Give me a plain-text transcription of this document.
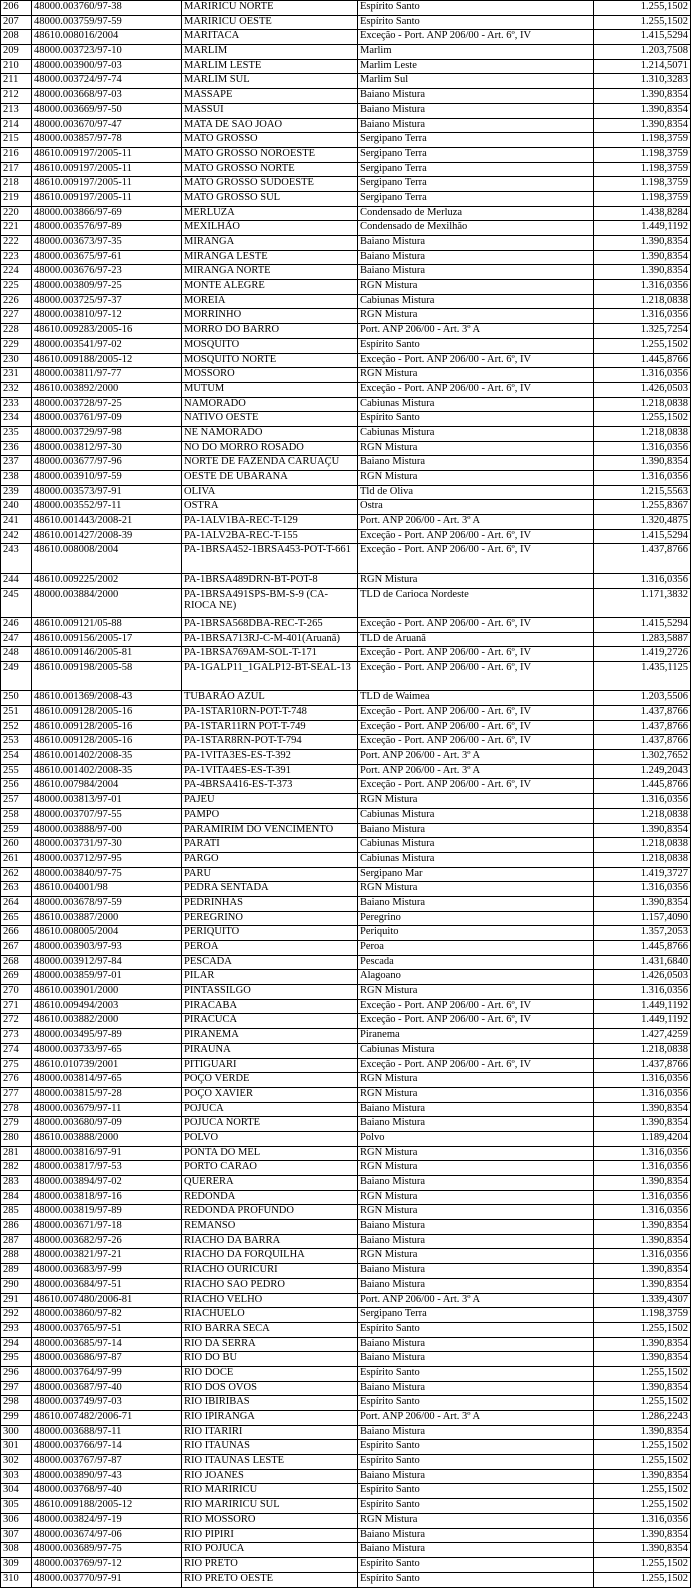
206	48000.003760/97-38	MARIRICU NORTE	Espírito Santo	1.255,1502
207	48000.003759/97-59	MARIRICU OESTE	Espírito Santo	1.255,1502
208	48610.008016/2004	MARITACA	Exceção - Port. ANP 206/00 - Art. 6º, IV	1.415,5294
209	48000.003723/97-10	MARLIM	Marlim	1.203,7508
210	48000.003900/97-03	MARLIM LESTE	Marlim Leste	1.214,5071
211	48000.003724/97-74	MARLIM SUL	Marlim Sul	1.310,3283
212	48000.003668/97-03	MASSAPE	Baiano Mistura	1.390,8354
213	48000.003669/97-50	MASSUI	Baiano Mistura	1.390,8354
214	48000.003670/97-47	MATA DE SAO JOAO	Baiano Mistura	1.390,8354
215	48000.003857/97-78	MATO GROSSO	Sergipano Terra	1.198,3759
216	48610.009197/2005-11	MATO GROSSO NOROESTE	Sergipano Terra	1.198,3759
217	48610.009197/2005-11	MATO GROSSO NORTE	Sergipano Terra	1.198,3759
218	48610.009197/2005-11	MATO GROSSO SUDOESTE	Sergipano Terra	1.198,3759
219	48610.009197/2005-11	MATO GROSSO SUL	Sergipano Terra	1.198,3759
220	48000.003866/97-69	MERLUZA	Condensado de Merluza	1.438,8284
221	48000.003576/97-89	MEXILHÃO	Condensado de Mexilhão	1.449,1192
222	48000.003673/97-35	MIRANGA	Baiano Mistura	1.390,8354
223	48000.003675/97-61	MIRANGA LESTE	Baiano Mistura	1.390,8354
224	48000.003676/97-23	MIRANGA NORTE	Baiano Mistura	1.390,8354
225	48000.003809/97-25	MONTE ALEGRE	RGN Mistura	1.316,0356
226	48000.003725/97-37	MOREIA	Cabiunas Mistura	1.218,0838
227	48000.003810/97-12	MORRINHO	RGN Mistura	1.316,0356
228	48610.009283/2005-16	MORRO DO BARRO	Port. ANP 206/00 - Art. 3º A	1.325,7254
229	48000.003541/97-02	MOSQUITO	Espírito Santo	1.255,1502
230	48610.009188/2005-12	MOSQUITO NORTE	Exceção - Port. ANP 206/00 - Art. 6º, IV	1.445,8766
231	48000.003811/97-77	MOSSORO	RGN Mistura	1.316,0356
232	48610.003892/2000	MUTUM	Exceção - Port. ANP 206/00 - Art. 6º, IV	1.426,0503
233	48000.003728/97-25	NAMORADO	Cabiunas Mistura	1.218,0838
234	48000.003761/97-09	NATIVO OESTE	Espírito Santo	1.255,1502
235	48000.003729/97-98	NE NAMORADO	Cabiunas Mistura	1.218,0838
236	48000.003812/97-30	NO DO MORRO ROSADO	RGN Mistura	1.316,0356
237	48000.003677/97-96	NORTE DE FAZENDA CARUAÇU	Baiano Mistura	1.390,8354
238	48000.003910/97-59	OESTE DE UBARANA	RGN Mistura	1.316,0356
239	48000.003573/97-91	OLIVA	Tld de Oliva	1.215,5563
240	48000.003552/97-11	OSTRA	Ostra	1.255,8367
241	48610.001443/2008-21	PA-1ALV1BA-REC-T-129	Port. ANP 206/00 - Art. 3º A	1.320,4875
242	48610.001427/2008-39	PA-1ALV2BA-REC-T-155	Exceção - Port. ANP 206/00 - Art. 6º, IV	1.415,5294
243	48610.008008/2004	PA-1BRSA452-1BRSA453-POT-T-661	Exceção - Port. ANP 206/00 - Art. 6º, IV	1.437,8766
244	48610.009225/2002	PA-1BRSA489DRN-BT-POT-8	RGN Mistura	1.316,0356
245	48000.003884/2000	PA-1BRSA491SPS-BM-S-9 (CA-RIOCA NE)	TLD de Carioca Nordeste	1.171,3832
246	48610.009121/05-88	PA-1BRSA568DBA-REC-T-265	Exceção - Port. ANP 206/00 - Art. 6º, IV	1.415,5294
247	48610.009156/2005-17	PA-1BRSA713RJ-C-M-401(Aruanã)	TLD de Aruanã	1.283,5887
248	48610.009146/2005-81	PA-1BRSA769AM-SOL-T-171	Exceção - Port. ANP 206/00 - Art. 6º, IV	1.419,2726
249	48610.009198/2005-58	PA-1GALP11_1GALP12-BT-SEAL-13	Exceção - Port. ANP 206/00 - Art. 6º, IV	1.435,1125
250	48610.001369/2008-43	TUBARÃO AZUL	TLD de Waimea	1.203,5506
251	48610.009128/2005-16	PA-1STAR10RN-POT-T-748	Exceção - Port. ANP 206/00 - Art. 6º, IV	1.437,8766
252	48610.009128/2005-16	PA-1STAR11RN POT-T-749	Exceção - Port. ANP 206/00 - Art. 6º, IV	1.437,8766
253	48610.009128/2005-16	PA-1STAR8RN-POT-T-794	Exceção - Port. ANP 206/00 - Art. 6º, IV	1.437,8766
254	48610.001402/2008-35	PA-1VITA3ES-ES-T-392	Port. ANP 206/00 - Art. 3º A	1.302,7652
255	48610.001402/2008-35	PA-1VITA4ES-ES-T-391	Port. ANP 206/00 - Art. 3º A	1.249,2043
256	48610.007984/2004	PA-4BRSA416-ES-T-373	Exceção - Port. ANP 206/00 - Art. 6º, IV	1.445,8766
257	48000.003813/97-01	PAJEU	RGN Mistura	1.316,0356
258	48000.003707/97-55	PAMPO	Cabiunas Mistura	1.218,0838
259	48000.003888/97-00	PARAMIRIM DO VENCIMENTO	Baiano Mistura	1.390,8354
260	48000.003731/97-30	PARATI	Cabiunas Mistura	1.218,0838
261	48000.003712/97-95	PARGO	Cabiunas Mistura	1.218,0838
262	48000.003840/97-75	PARU	Sergipano Mar	1.419,3727
263	48610.004001/98	PEDRA SENTADA	RGN Mistura	1.316,0356
264	48000.003678/97-59	PEDRINHAS	Baiano Mistura	1.390,8354
265	48610.003887/2000	PEREGRINO	Peregrino	1.157,4090
266	48610.008005/2004	PERIQUITO	Periquito	1.357,2053
267	48000.003903/97-93	PEROA	Peroa	1.445,8766
268	48000.003912/97-84	PESCADA	Pescada	1.431,6840
269	48000.003859/97-01	PILAR	Alagoano	1.426,0503
270	48610.003901/2000	PINTASSILGO	RGN Mistura	1.316,0356
271	48610.009494/2003	PIRACABA	Exceção - Port. ANP 206/00 - Art. 6º, IV	1.449,1192
272	48610.003882/2000	PIRACUCÁ	Exceção - Port. ANP 206/00 - Art. 6º, IV	1.449,1192
273	48000.003495/97-89	PIRANEMA	Piranema	1.427,4259
274	48000.003733/97-65	PIRAUNA	Cabiunas Mistura	1.218,0838
275	48610.010739/2001	PITIGUARI	Exceção - Port. ANP 206/00 - Art. 6º, IV	1.437,8766
276	48000.003814/97-65	POÇO VERDE	RGN Mistura	1.316,0356
277	48000.003815/97-28	POÇO XAVIER	RGN Mistura	1.316,0356
278	48000.003679/97-11	POJUCA	Baiano Mistura	1.390,8354
279	48000.003680/97-09	POJUCA NORTE	Baiano Mistura	1.390,8354
280	48610.003888/2000	POLVO	Polvo	1.189,4204
281	48000.003816/97-91	PONTA DO MEL	RGN Mistura	1.316,0356
282	48000.003817/97-53	PORTO CARAO	RGN Mistura	1.316,0356
283	48000.003894/97-02	QUERERA	Baiano Mistura	1.390,8354
284	48000.003818/97-16	REDONDA	RGN Mistura	1.316,0356
285	48000.003819/97-89	REDONDA PROFUNDO	RGN Mistura	1.316,0356
286	48000.003671/97-18	REMANSO	Baiano Mistura	1.390,8354
287	48000.003682/97-26	RIACHO DA BARRA	Baiano Mistura	1.390,8354
288	48000.003821/97-21	RIACHO DA FORQUILHA	RGN Mistura	1.316,0356
289	48000.003683/97-99	RIACHO OURICURI	Baiano Mistura	1.390,8354
290	48000.003684/97-51	RIACHO SAO PEDRO	Baiano Mistura	1.390,8354
291	48610.007480/2006-81	RIACHO VELHO	Port. ANP 206/00 - Art. 3º A	1.339,4307
292	48000.003860/97-82	RIACHUELO	Sergipano Terra	1.198,3759
293	48000.003765/97-51	RIO BARRA SECA	Espírito Santo	1.255,1502
294	48000.003685/97-14	RIO DA SERRA	Baiano Mistura	1.390,8354
295	48000.003686/97-87	RIO DO BU	Baiano Mistura	1.390,8354
296	48000.003764/97-99	RIO DOCE	Espírito Santo	1.255,1502
297	48000.003687/97-40	RIO DOS OVOS	Baiano Mistura	1.390,8354
298	48000.003749/97-03	RIO IBIRIBAS	Espírito Santo	1.255,1502
299	48610.007482/2006-71	RIO IPIRANGA	Port. ANP 206/00 - Art. 3º A	1.286,2243
300	48000.003688/97-11	RIO ITARIRI	Baiano Mistura	1.390,8354
301	48000.003766/97-14	RIO ITAUNAS	Espírito Santo	1.255,1502
302	48000.003767/97-87	RIO ITAUNAS LESTE	Espírito Santo	1.255,1502
303	48000.003890/97-43	RIO JOANES	Baiano Mistura	1.390,8354
304	48000.003768/97-40	RIO MARIRICU	Espírito Santo	1.255,1502
305	48610.009188/2005-12	RIO MARIRICU SUL	Espírito Santo	1.255,1502
306	48000.003824/97-19	RIO MOSSORO	RGN Mistura	1.316,0356
307	48000.003674/97-06	RIO PIPIRI	Baiano Mistura	1.390,8354
308	48000.003689/97-75	RIO POJUCA	Baiano Mistura	1.390,8354
309	48000.003769/97-12	RIO PRETO	Espírito Santo	1.255,1502
310	48000.003770/97-91	RIO PRETO OESTE	Espírito Santo	1.255,1502
